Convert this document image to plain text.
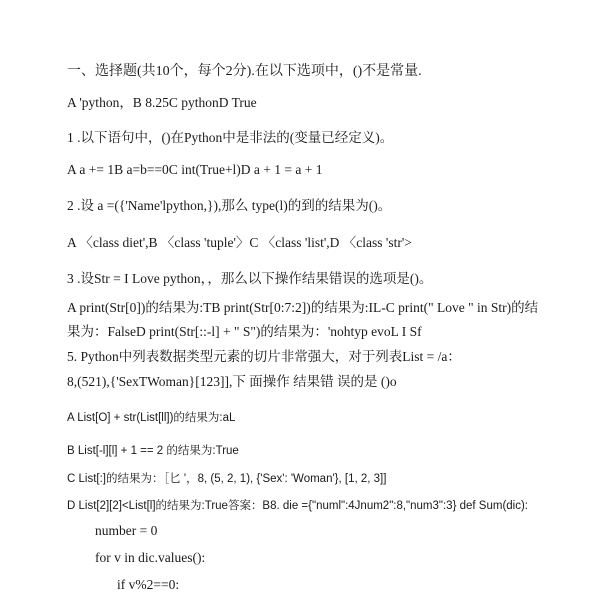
一、选择题(共10个，每个2分).在以下选项中，()不是常量.
A 'python，B 8.25C pythonD True
1 .以下语句中，()在Python中是非法的(变量已经定义)。
A a += 1B a=b==0C int(True+l)D a + 1 = a + 1
2 .设 a =({'Name'lpython,}),那么 type(l)的到的结果为()。
A 〈class diet',B 〈class 'tuple'〉C 〈class 'list',D 〈class 'str'>
3 .设Str = I Love python，，那么以下操作结果错误的选项是()。
A print(Str[0])的结果为:TB print(Str[0:7:2])的结果为:IL-C print(" Love " in Str)的结
果为：FalseD print(Str[::-l] + " S")的结果为：'nohtyp evoL I Sf
5. Python中列表数据类型元素的切片非常强大，对于列表List = /a：
8,(521),{'SexTWoman}[123]],下 面操作 结果错 误的是 ()o
A List[O] + str(List[ll])的结果为:aL
B List[-l][l] + 1 == 2 的结果为:True
C List[:]的结果为：［匕 '，8, (5, 2, 1), {'Sex': 'Woman'}, [1, 2, 3]]
D List[2][2]<List[l]的结果为:True答案：B8. die ={"numl":4Jnum2":8,"num3":3} def Sum(dic):
number = 0
for v in dic.values():
if v%2==0:
